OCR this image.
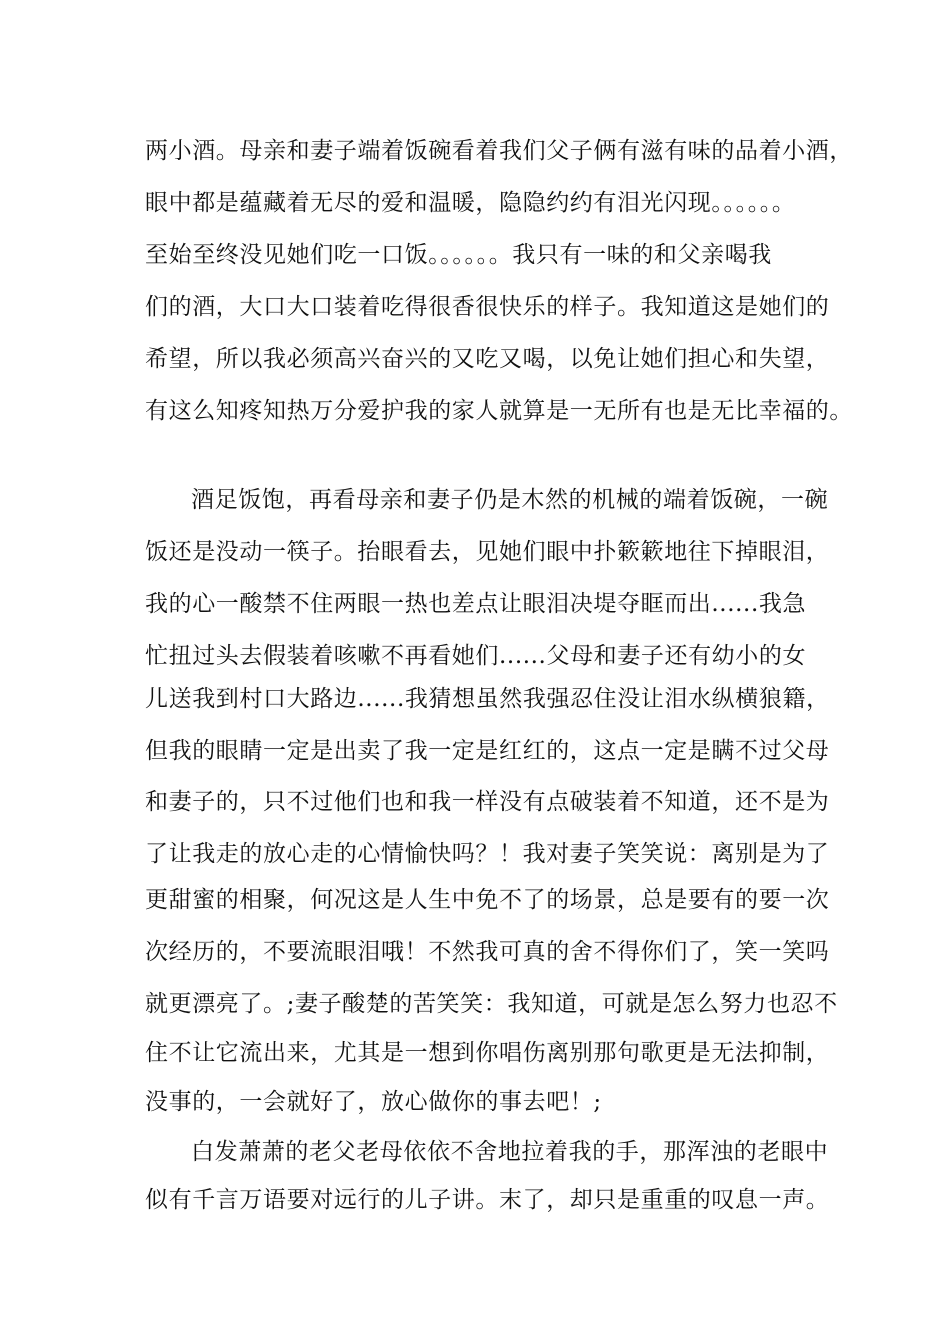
两小酒。母亲和妻子端着饭碗看着我们父子俩有滋有味的品着小酒，
眼中都是蕴藏着无尽的爱和温暖，隐隐约约有泪光闪现。。。。。。
至始至终没见她们吃一口饭。。。。。。我只有一味的和父亲喝我
们的酒，大口大口装着吃得很香很快乐的样子。我知道这是她们的
希望，所以我必须高兴奋兴的又吃又喝，以免让她们担心和失望，
有这么知疼知热万分爱护我的家人就算是一无所有也是无比幸福的。
酒足饭饱，再看母亲和妻子仍是木然的机械的端着饭碗，一碗
饭还是没动一筷子。抬眼看去，见她们眼中扑簌簌地往下掉眼泪，
我的心一酸禁不住两眼一热也差点让眼泪决堤夺眶而出......我急
忙扭过头去假装着咳嗽不再看她们......父母和妻子还有幼小的女
儿送我到村口大路边......我猜想虽然我强忍住没让泪水纵横狼籍，
但我的眼睛一定是出卖了我一定是红红的，这点一定是瞒不过父母
和妻子的，只不过他们也和我一样没有点破装着不知道，还不是为
了让我走的放心走的心情愉快吗？！我对妻子笑笑说：离别是为了
更甜蜜的相聚，何况这是人生中免不了的场景，总是要有的要一次
次经历的，不要流眼泪哦！不然我可真的舍不得你们了，笑一笑吗
就更漂亮了。;妻子酸楚的苦笑笑：我知道，可就是怎么努力也忍不
住不让它流出来，尤其是一想到你唱伤离别那句歌更是无法抑制，
没事的，一会就好了，放心做你的事去吧！;
白发萧萧的老父老母依依不舍地拉着我的手，那浑浊的老眼中
似有千言万语要对远行的儿子讲。末了，却只是重重的叹息一声。
